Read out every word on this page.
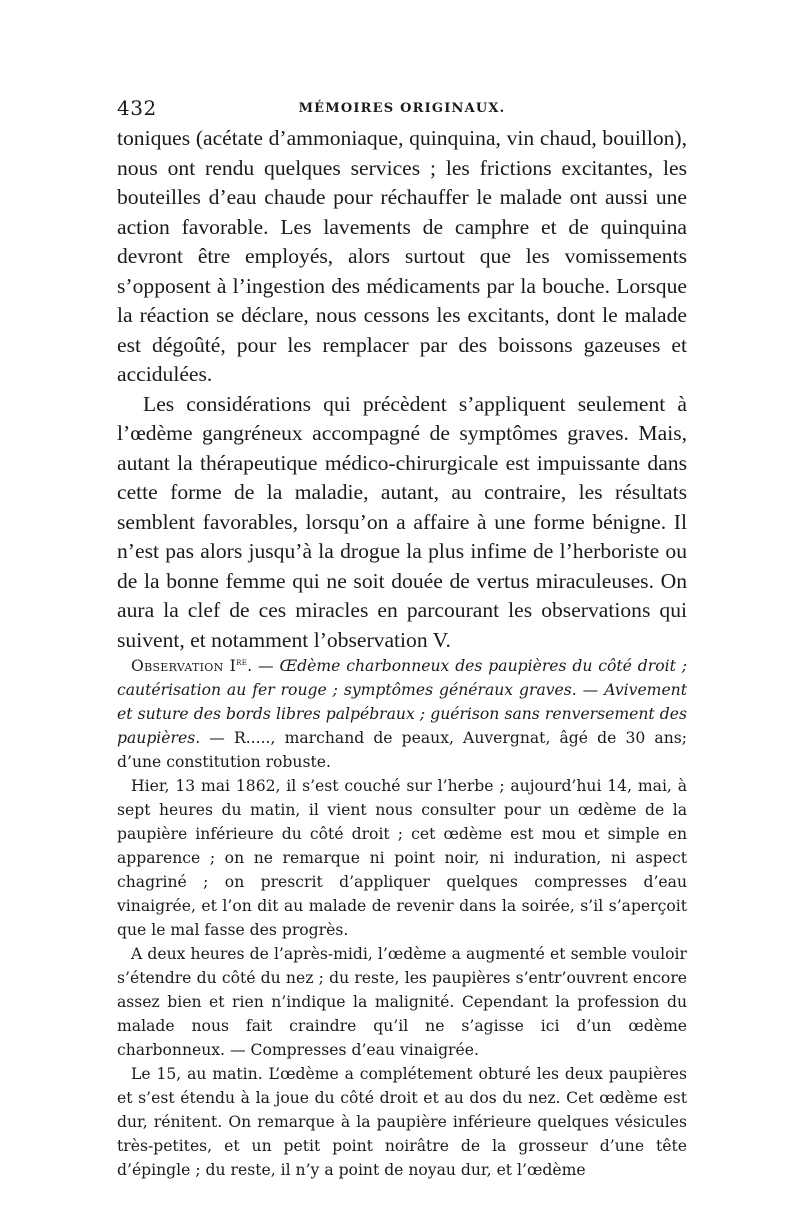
432	MÉMOIRES ORIGINAUX.

toniques (acétate d’ammoniaque, quinquina, vin chaud, bouillon), nous ont rendu quelques services ; les frictions excitantes, les bouteilles d’eau chaude pour réchauffer le malade ont aussi une action favorable. Les lavements de camphre et de quinquina devront être employés, alors surtout que les vomissements s’opposent à l’ingestion des médicaments par la bouche. Lorsque la réaction se déclare, nous cessons les excitants, dont le malade est dégoûté, pour les remplacer par des boissons gazeuses et accidulées.

Les considérations qui précèdent s’appliquent seulement à l’œdème gangréneux accompagné de symptômes graves. Mais, autant la thérapeutique médico-chirurgicale est impuissante dans cette forme de la maladie, autant, au contraire, les résultats semblent favorables, lorsqu’on a affaire à une forme bénigne. Il n’est pas alors jusqu’à la drogue la plus infime de l’herboriste ou de la bonne femme qui ne soit douée de vertus miraculeuses. On aura la clef de ces miracles en parcourant les observations qui suivent, et notamment l’observation V.

Observation Ire. — Œdème charbonneux des paupières du côté droit ; cautérisation au fer rouge ; symptômes généraux graves. — Avivement et suture des bords libres palpébraux ; guérison sans renversement des paupières. — R....., marchand de peaux, Auvergnat, âgé de 30 ans; d’une constitution robuste.

Hier, 13 mai 1862, il s’est couché sur l’herbe ; aujourd’hui 14, mai, à sept heures du matin, il vient nous consulter pour un œdème de la paupière inférieure du côté droit ; cet œdème est mou et simple en apparence ; on ne remarque ni point noir, ni induration, ni aspect chagriné ; on prescrit d’appliquer quelques compresses d’eau vinaigrée, et l’on dit au malade de revenir dans la soirée, s’il s’aperçoit que le mal fasse des progrès.

A deux heures de l’après-midi, l’œdème a augmenté et semble vouloir s’étendre du côté du nez ; du reste, les paupières s’entr’ouvrent encore assez bien et rien n’indique la malignité. Cependant la profession du malade nous fait craindre qu’il ne s’agisse ici d’un œdème charbonneux. — Compresses d’eau vinaigrée.

Le 15, au matin. L’œdème a complétement obturé les deux paupières et s’est étendu à la joue du côté droit et au dos du nez. Cet œdème est dur, rénitent. On remarque à la paupière inférieure quelques vésicules très-petites, et un petit point noirâtre de la grosseur d’une tête d’épingle ; du reste, il n’y a point de noyau dur, et l’œdème
